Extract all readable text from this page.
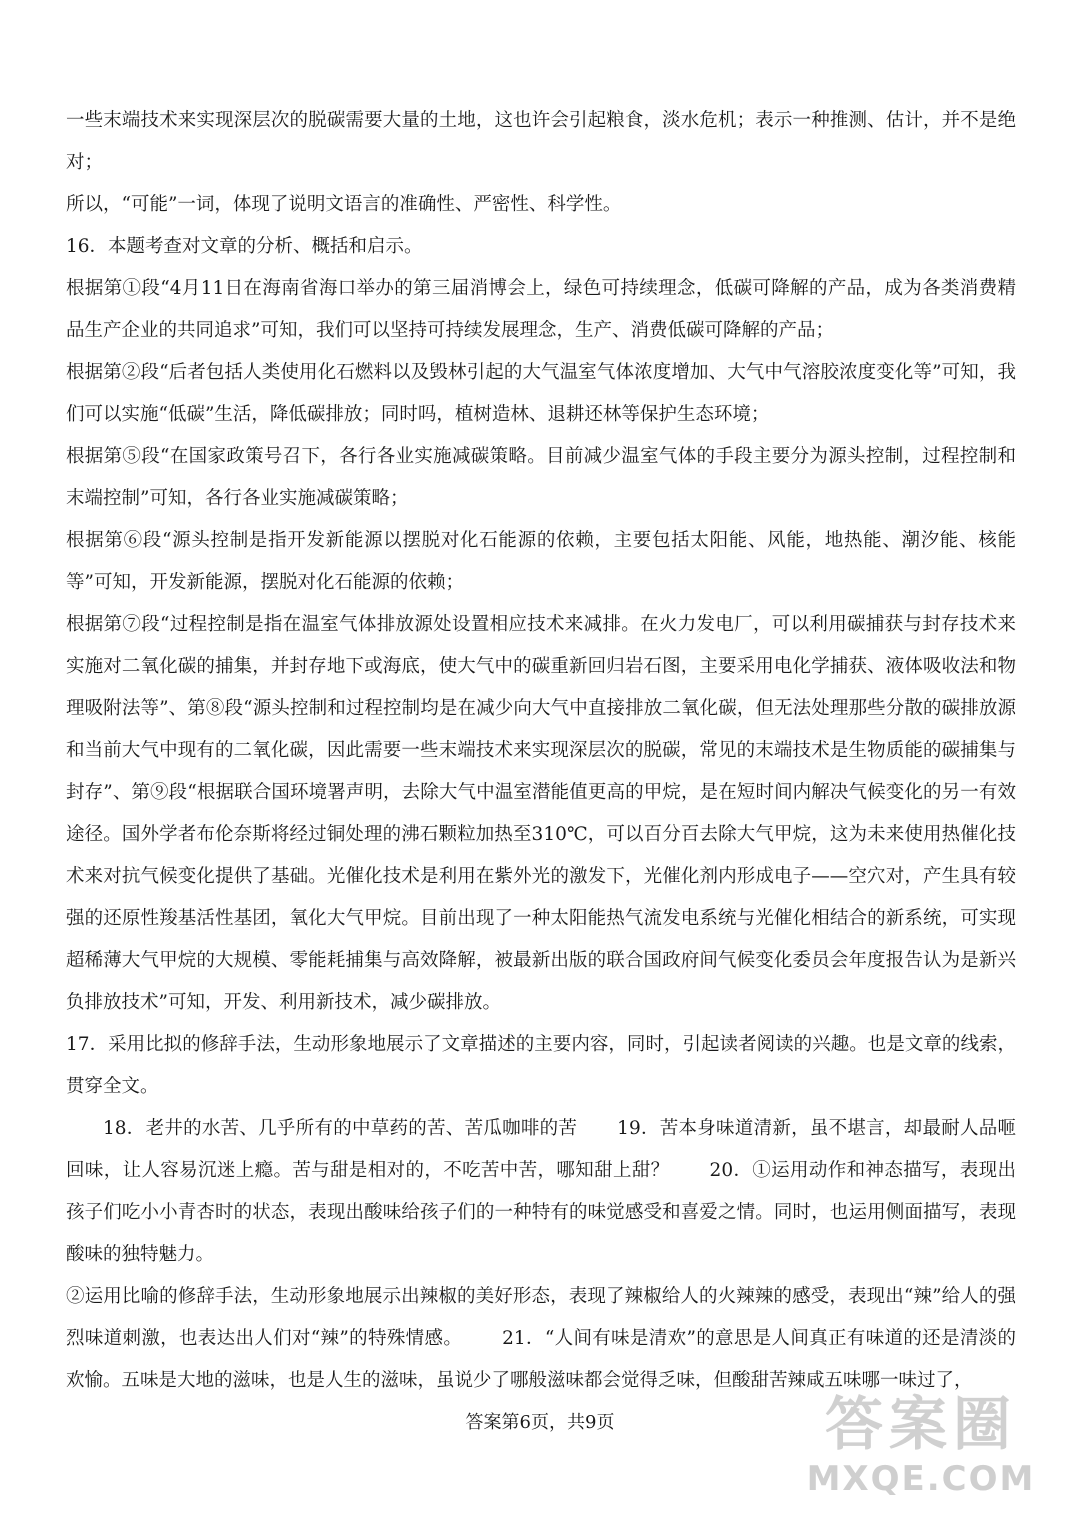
一些末端技术来实现深层次的脱碳需要大量的土地，这也许会引起粮食，淡水危机；表示一种推测、估计，并不是绝对；

所以，“可能”一词，体现了说明文语言的准确性、严密性、科学性。

16．本题考查对文章的分析、概括和启示。

根据第①段“4月11日在海南省海口举办的第三届消博会上，绿色可持续理念，低碳可降解的产品，成为各类消费精品生产企业的共同追求”可知，我们可以坚持可持续发展理念，生产、消费低碳可降解的产品；

根据第②段“后者包括人类使用化石燃料以及毁林引起的大气温室气体浓度增加、大气中气溶胶浓度变化等”可知，我们可以实施“低碳”生活，降低碳排放；同时吗，植树造林、退耕还林等保护生态环境；

根据第⑤段“在国家政策号召下，各行各业实施减碳策略。目前减少温室气体的手段主要分为源头控制，过程控制和末端控制”可知，各行各业实施减碳策略；

根据第⑥段“源头控制是指开发新能源以摆脱对化石能源的依赖，主要包括太阳能、风能，地热能、潮汐能、核能等”可知，开发新能源，摆脱对化石能源的依赖；

根据第⑦段“过程控制是指在温室气体排放源处设置相应技术来减排。在火力发电厂，可以利用碳捕获与封存技术来实施对二氧化碳的捕集，并封存地下或海底，使大气中的碳重新回归岩石图，主要采用电化学捕获、液体吸收法和物理吸附法等”、第⑧段“源头控制和过程控制均是在减少向大气中直接排放二氧化碳，但无法处理那些分散的碳排放源和当前大气中现有的二氧化碳，因此需要一些末端技术来实现深层次的脱碳，常见的末端技术是生物质能的碳捕集与封存”、第⑨段“根据联合国环境署声明，去除大气中温室潜能值更高的甲烷，是在短时间内解决气候变化的另一有效途径。国外学者布伦奈斯将经过铜处理的沸石颗粒加热至310℃，可以百分百去除大气甲烷，这为未来使用热催化技术来对抗气候变化提供了基础。光催化技术是利用在紫外光的激发下，光催化剂内形成电子——空穴对，产生具有较强的还原性羧基活性基团，氧化大气甲烷。目前出现了一种太阳能热气流发电系统与光催化相结合的新系统，可实现超稀薄大气甲烷的大规模、零能耗捕集与高效降解，被最新出版的联合国政府间气候变化委员会年度报告认为是新兴负排放技术”可知，开发、利用新技术，减少碳排放。

17．采用比拟的修辞手法，生动形象地展示了文章描述的主要内容，同时，引起读者阅读的兴趣。也是文章的线索，贯穿全文。

18．老井的水苦、几乎所有的中草药的苦、苦瓜咖啡的苦 19．苦本身味道清新，虽不堪言，却最耐人品咂回味，让人容易沉迷上瘾。苦与甜是相对的，不吃苦中苦，哪知甜上甜？ 20．①运用动作和神态描写，表现出孩子们吃小小青杏时的状态，表现出酸味给孩子们的一种特有的味觉感受和喜爱之情。同时，也运用侧面描写，表现酸味的独特魅力。

②运用比喻的修辞手法，生动形象地展示出辣椒的美好形态，表现了辣椒给人的火辣辣的感受，表现出“辣”给人的强烈味道刺激，也表达出人们对“辣”的特殊情感。 21．“人间有味是清欢”的意思是人间真正有味道的还是清淡的欢愉。五味是大地的滋味，也是人生的滋味，虽说少了哪般滋味都会觉得乏味，但酸甜苦辣咸五味哪一味过了，

答案第6页，共9页	答案圈
MXQE.COM
